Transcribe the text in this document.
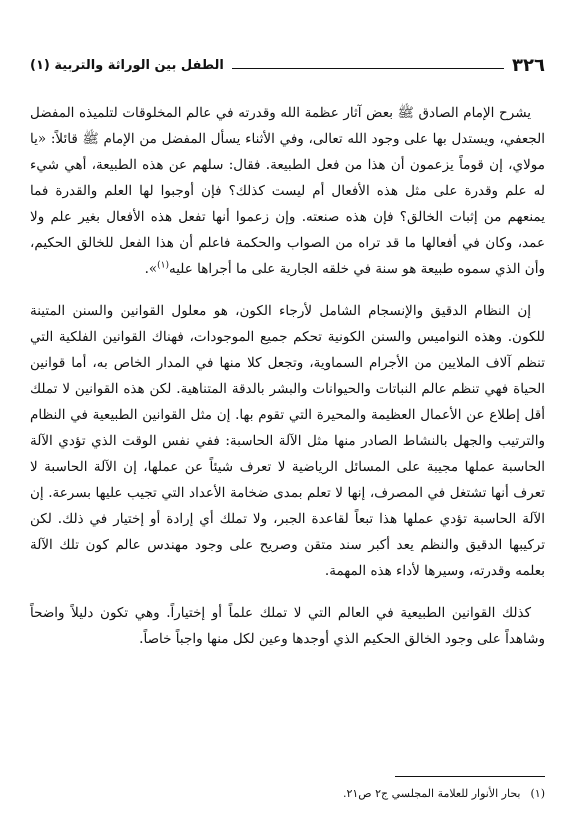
٣٢٦
الطفل بين الوراثة والتربية (١)

يشرح الإمام الصادق ﷺ بعض آثار عظمة الله وقدرته في عالم المخلوقات لتلميذه المفضل الجعفي، ويستدل بها على وجود الله تعالى، وفي الأثناء يسأل المفضل من الإمام ﷺ قائلاً: «يا مولاي، إن قوماً يزعمون أن هذا من فعل الطبيعة. فقال: سلهم عن هذه الطبيعة، أهي شيء له علم وقدرة على مثل هذه الأفعال أم ليست كذلك؟ فإن أوجبوا لها العلم والقدرة فما يمنعهم من إثبات الخالق؟ فإن هذه صنعته. وإن زعموا أنها تفعل هذه الأفعال بغير علم ولا عمد، وكان في أفعالها ما قد تراه من الصواب والحكمة فاعلم أن هذا الفعل للخالق الحكيم، وأن الذي سموه طبيعة هو سنة في خلقه الجارية على ما أجراها عليه$^{(١)}$».

إن النظام الدقيق والإنسجام الشامل لأرجاء الكون، هو معلول القوانين والسنن المتينة للكون. وهذه النواميس والسنن الكونية تحكم جميع الموجودات، فهناك القوانين الفلكية التي تنظم آلاف الملايين من الأجرام السماوية، وتجعل كلا منها في المدار الخاص به، أما قوانين الحياة فهي تنظم عالم النباتات والحيوانات والبشر بالدقة المتناهية. لكن هذه القوانين لا تملك أقل إطلاع عن الأعمال العظيمة والمحيرة التي تقوم بها. إن مثل القوانين الطبيعية في النظام والترتيب والجهل بالنشاط الصادر منها مثل الآلة الحاسبة: ففي نفس الوقت الذي تؤدي الآلة الحاسبة عملها مجيبة على المسائل الرياضية لا تعرف شيئاً عن عملها، إن الآلة الحاسبة لا تعرف أنها تشتغل في المصرف، إنها لا تعلم بمدى ضخامة الأعداد التي تجيب عليها بسرعة. إن الآلة الحاسبة تؤدي عملها هذا تبعاً لقاعدة الجبر، ولا تملك أي إرادة أو إختيار في ذلك. لكن تركيبها الدقيق والنظم يعد أكبر سند متقن وصريح على وجود مهندس عالم كون تلك الآلة بعلمه وقدرته، وسيرها لأداء هذه المهمة.

كذلك القوانين الطبيعية في العالم التي لا تملك علماً أو إختياراً. وهي تكون دليلاً واضحاً وشاهداً على وجود الخالق الحكيم الذي أوجدها وعين لكل منها واجباً خاصاً.

(١)بحار الأنوار للعلامة المجلسي ج٢ ص٢١.
